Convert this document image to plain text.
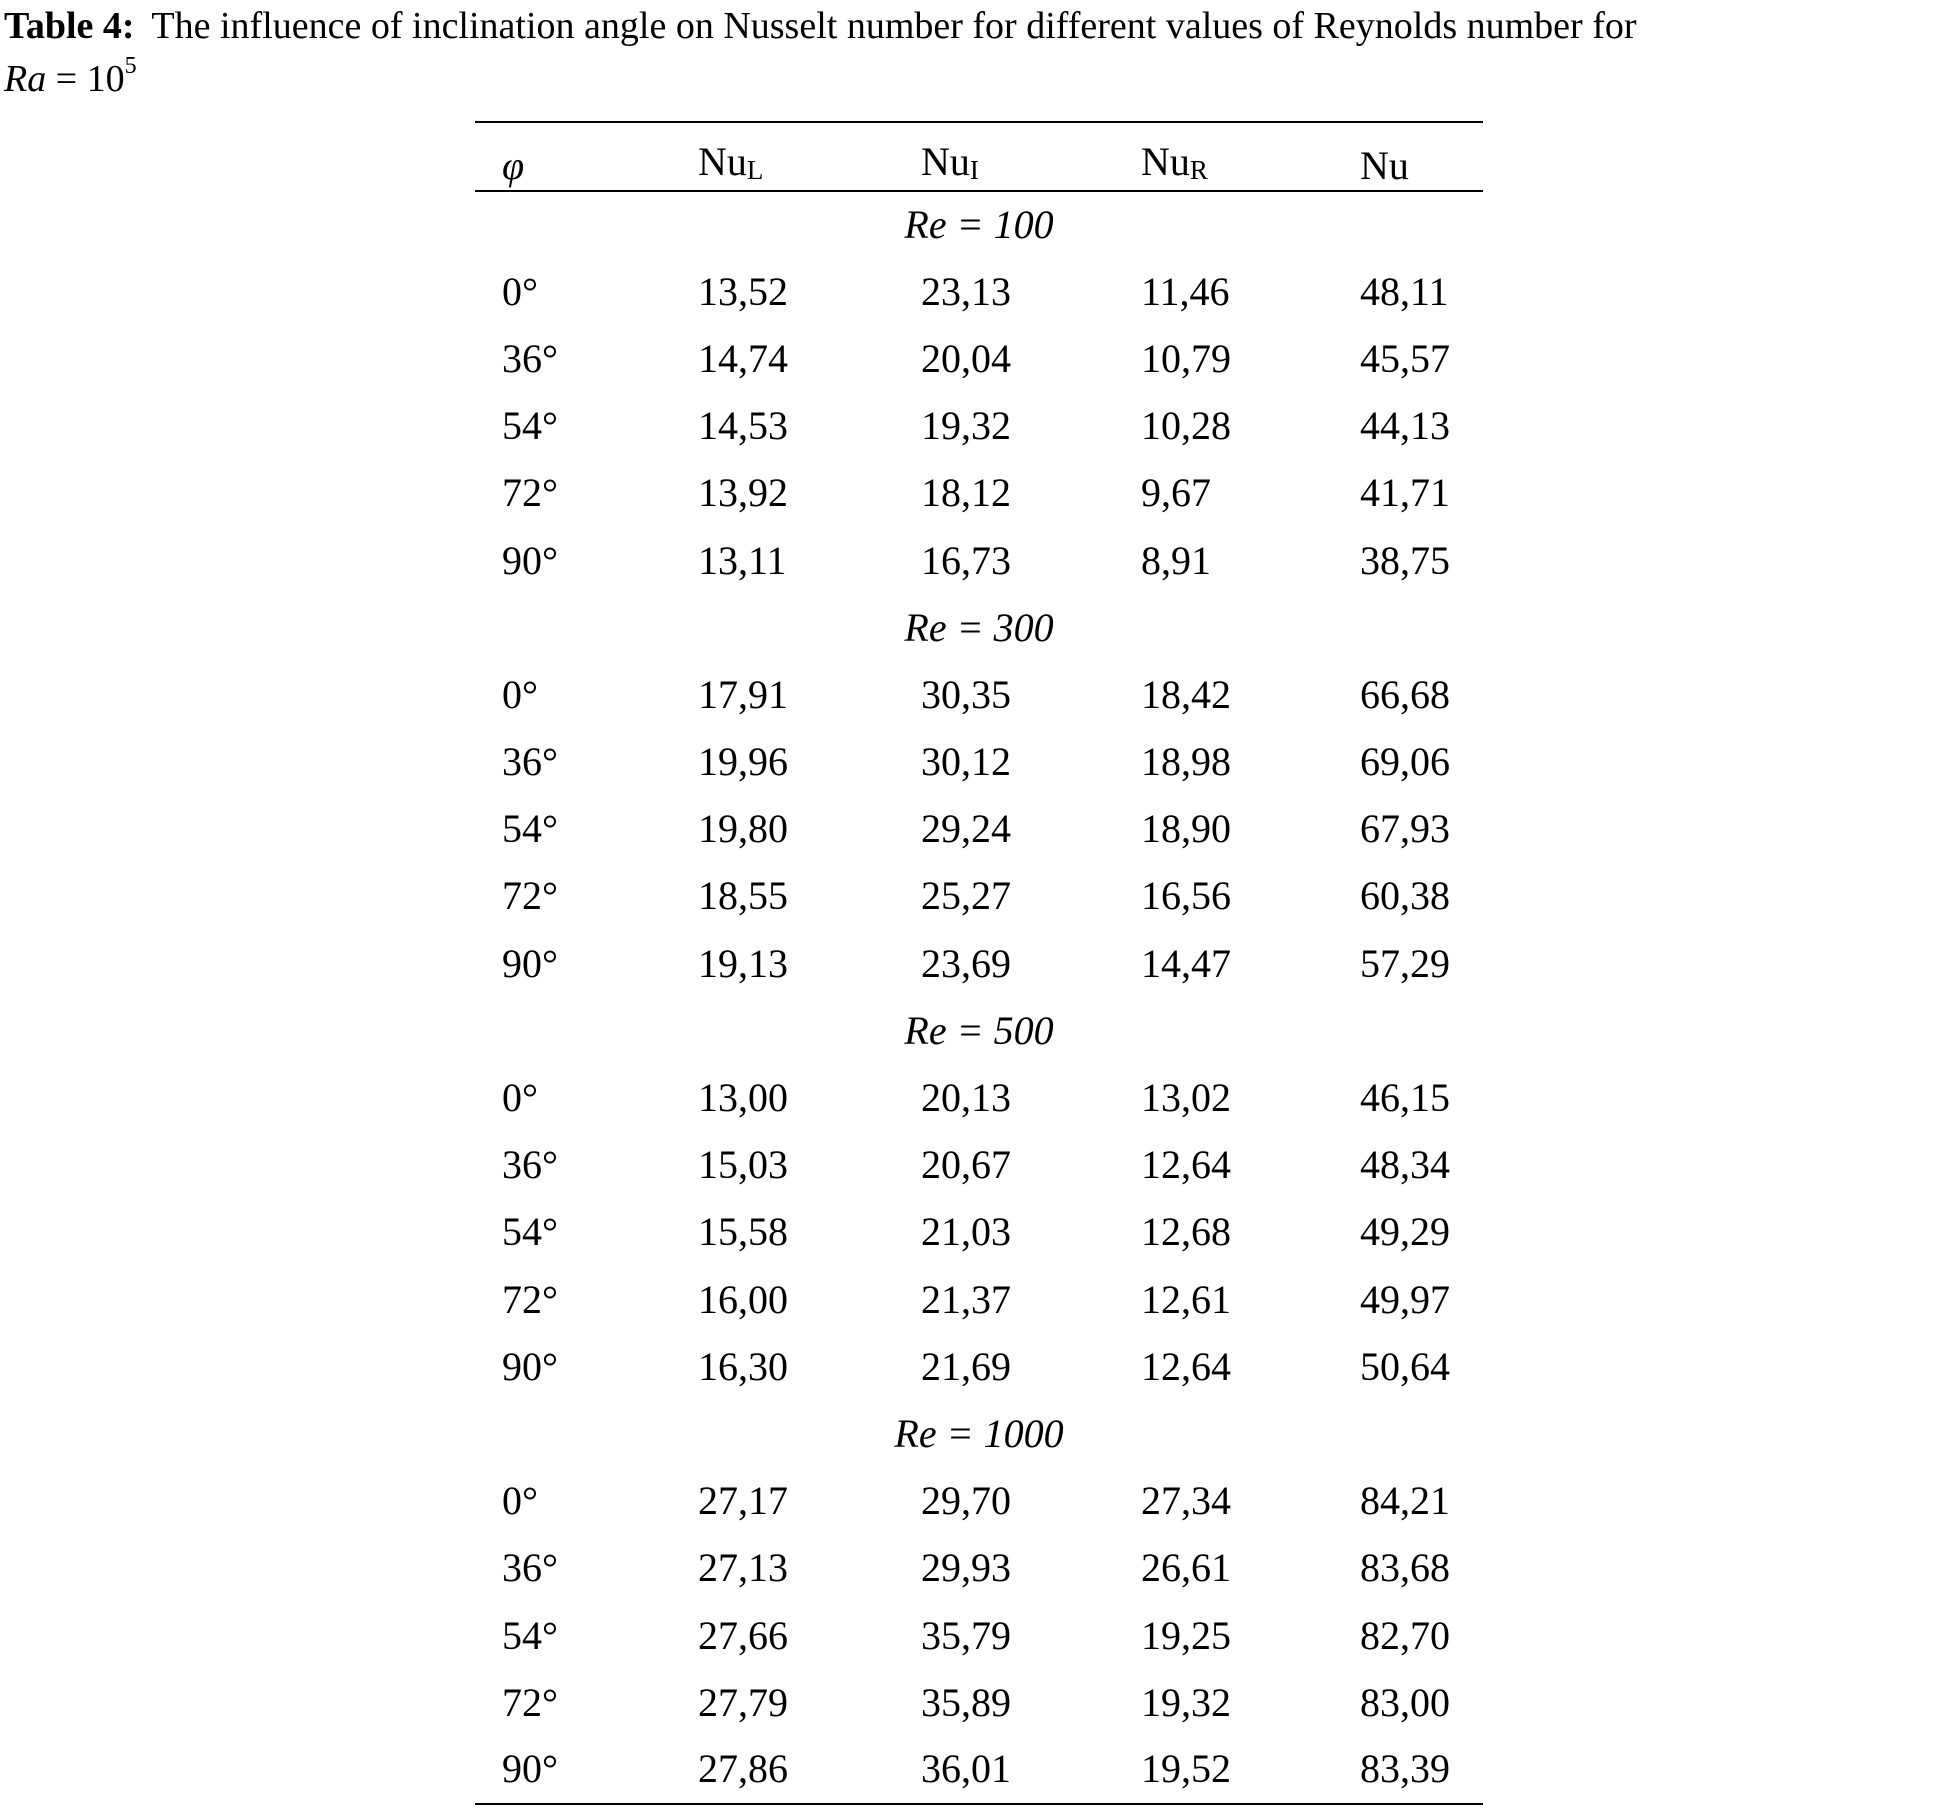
Table 4: The influence of inclination angle on Nusselt number for different values of Reynolds number for
$Ra = 10^5$
φ	$Nu_L$	$Nu_I$	$Nu_R$	Nu
Re = 100				
0°	13,52	23,13	11,46	48,11
36°	14,74	20,04	10,79	45,57
54°	14,53	19,32	10,28	44,13
72°	13,92	18,12	9,67	41,71
90°	13,11	16,73	8,91	38,75
Re = 300				
0°	17,91	30,35	18,42	66,68
36°	19,96	30,12	18,98	69,06
54°	19,80	29,24	18,90	67,93
72°	18,55	25,27	16,56	60,38
90°	19,13	23,69	14,47	57,29
Re = 500				
0°	13,00	20,13	13,02	46,15
36°	15,03	20,67	12,64	48,34
54°	15,58	21,03	12,68	49,29
72°	16,00	21,37	12,61	49,97
90°	16,30	21,69	12,64	50,64
Re = 1000				
0°	27,17	29,70	27,34	84,21
36°	27,13	29,93	26,61	83,68
54°	27,66	35,79	19,25	82,70
72°	27,79	35,89	19,32	83,00
90°	27,86	36,01	19,52	83,39
